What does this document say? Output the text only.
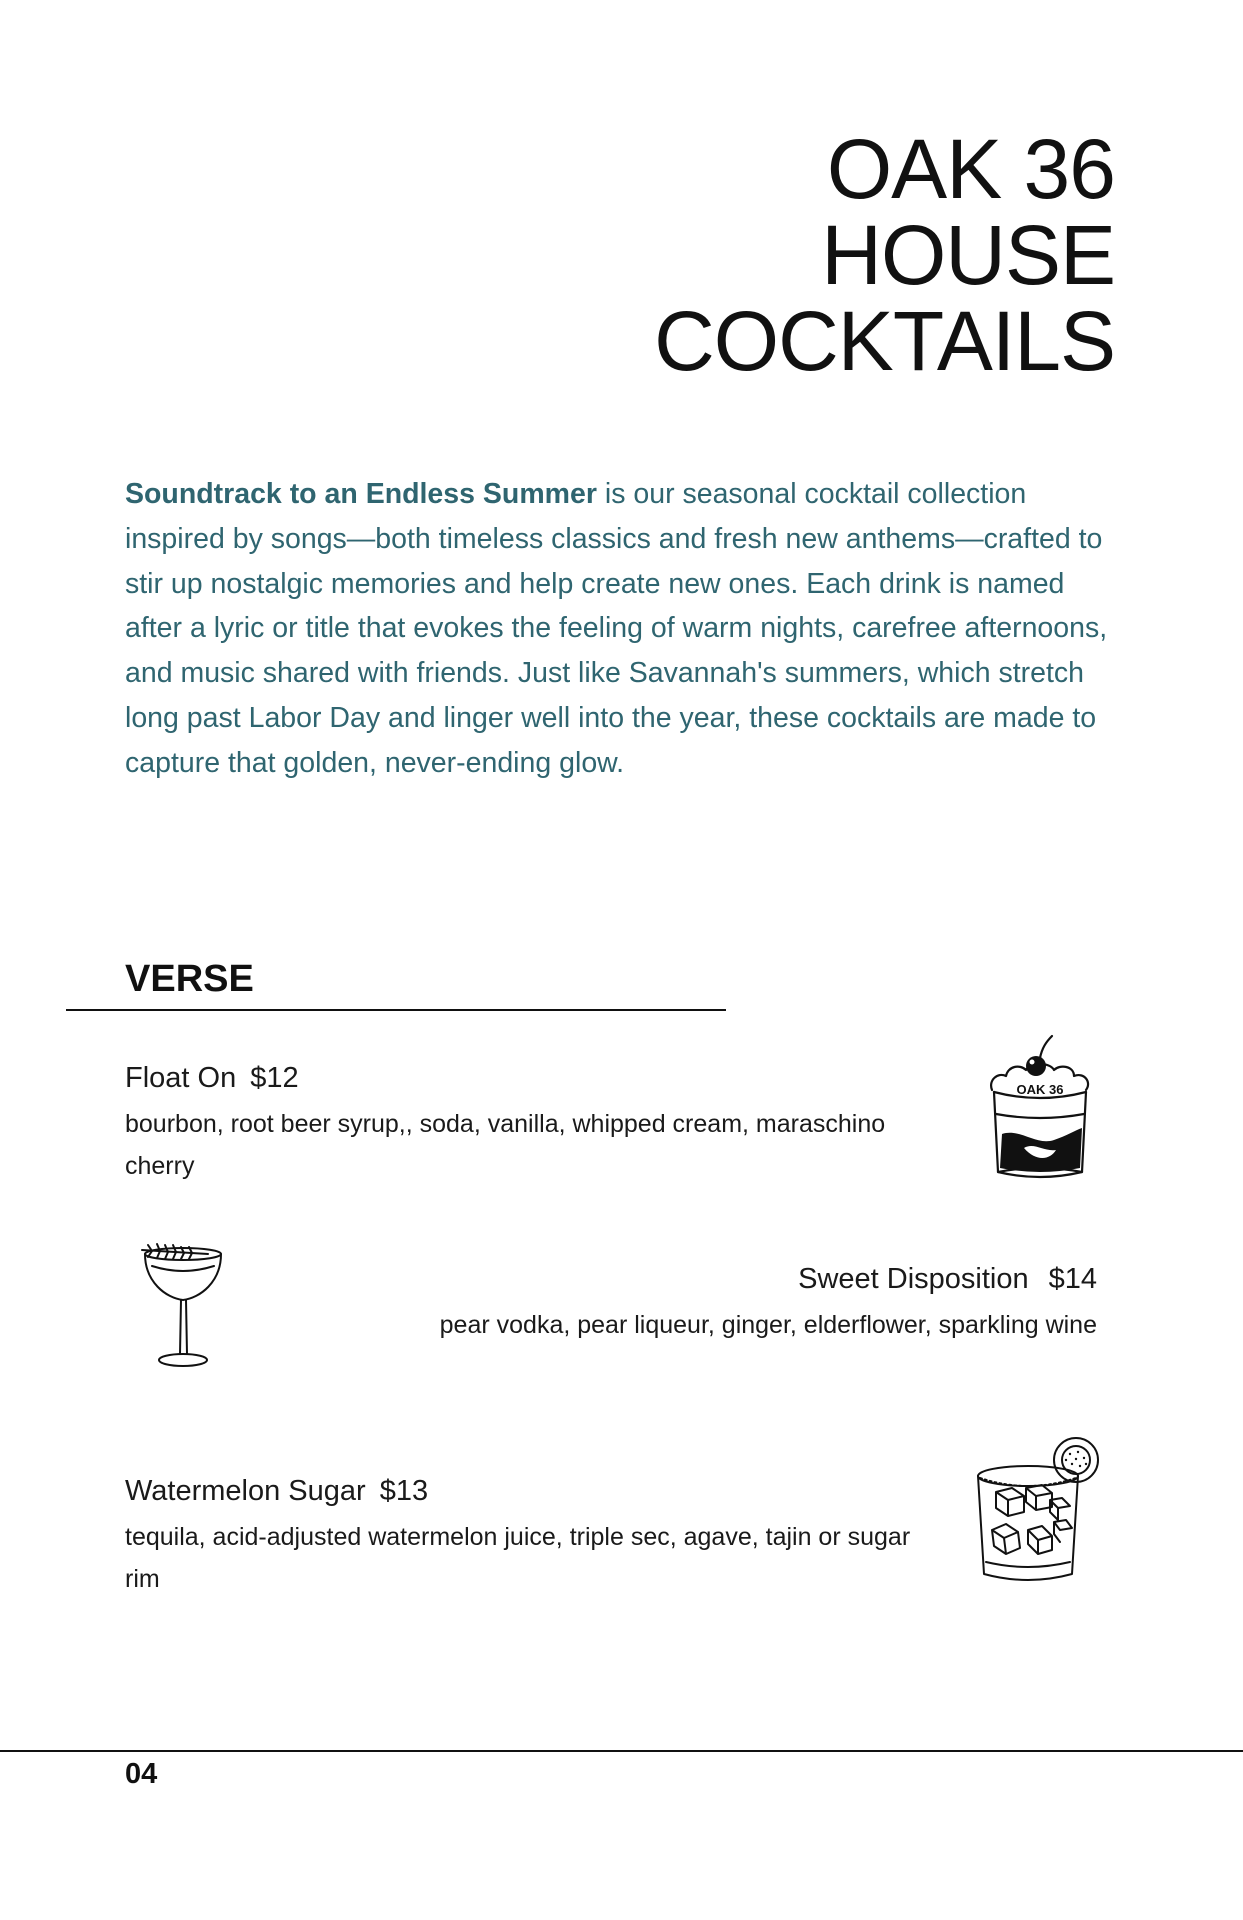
OAK 36
HOUSE
COCKTAILS

Soundtrack to an Endless Summer is our seasonal cocktail collection inspired by songs—both timeless classics and fresh new anthems—crafted to stir up nostalgic memories and help create new ones. Each drink is named after a lyric or title that evokes the feeling of warm nights, carefree afternoons, and music shared with friends. Just like Savannah's summers, which stretch long past Labor Day and linger well into the year, these cocktails are made to capture that golden, never-ending glow.

VERSE
Float On $12
bourbon, root beer syrup,, soda, vanilla, whipped cream, maraschino cherry
OAK 36
Sweet Disposition $14
pear vodka, pear liqueur, ginger, elderflower, sparkling wine
Watermelon Sugar $13
tequila, acid-adjusted watermelon juice, triple sec, agave, tajin or sugar rim
04
